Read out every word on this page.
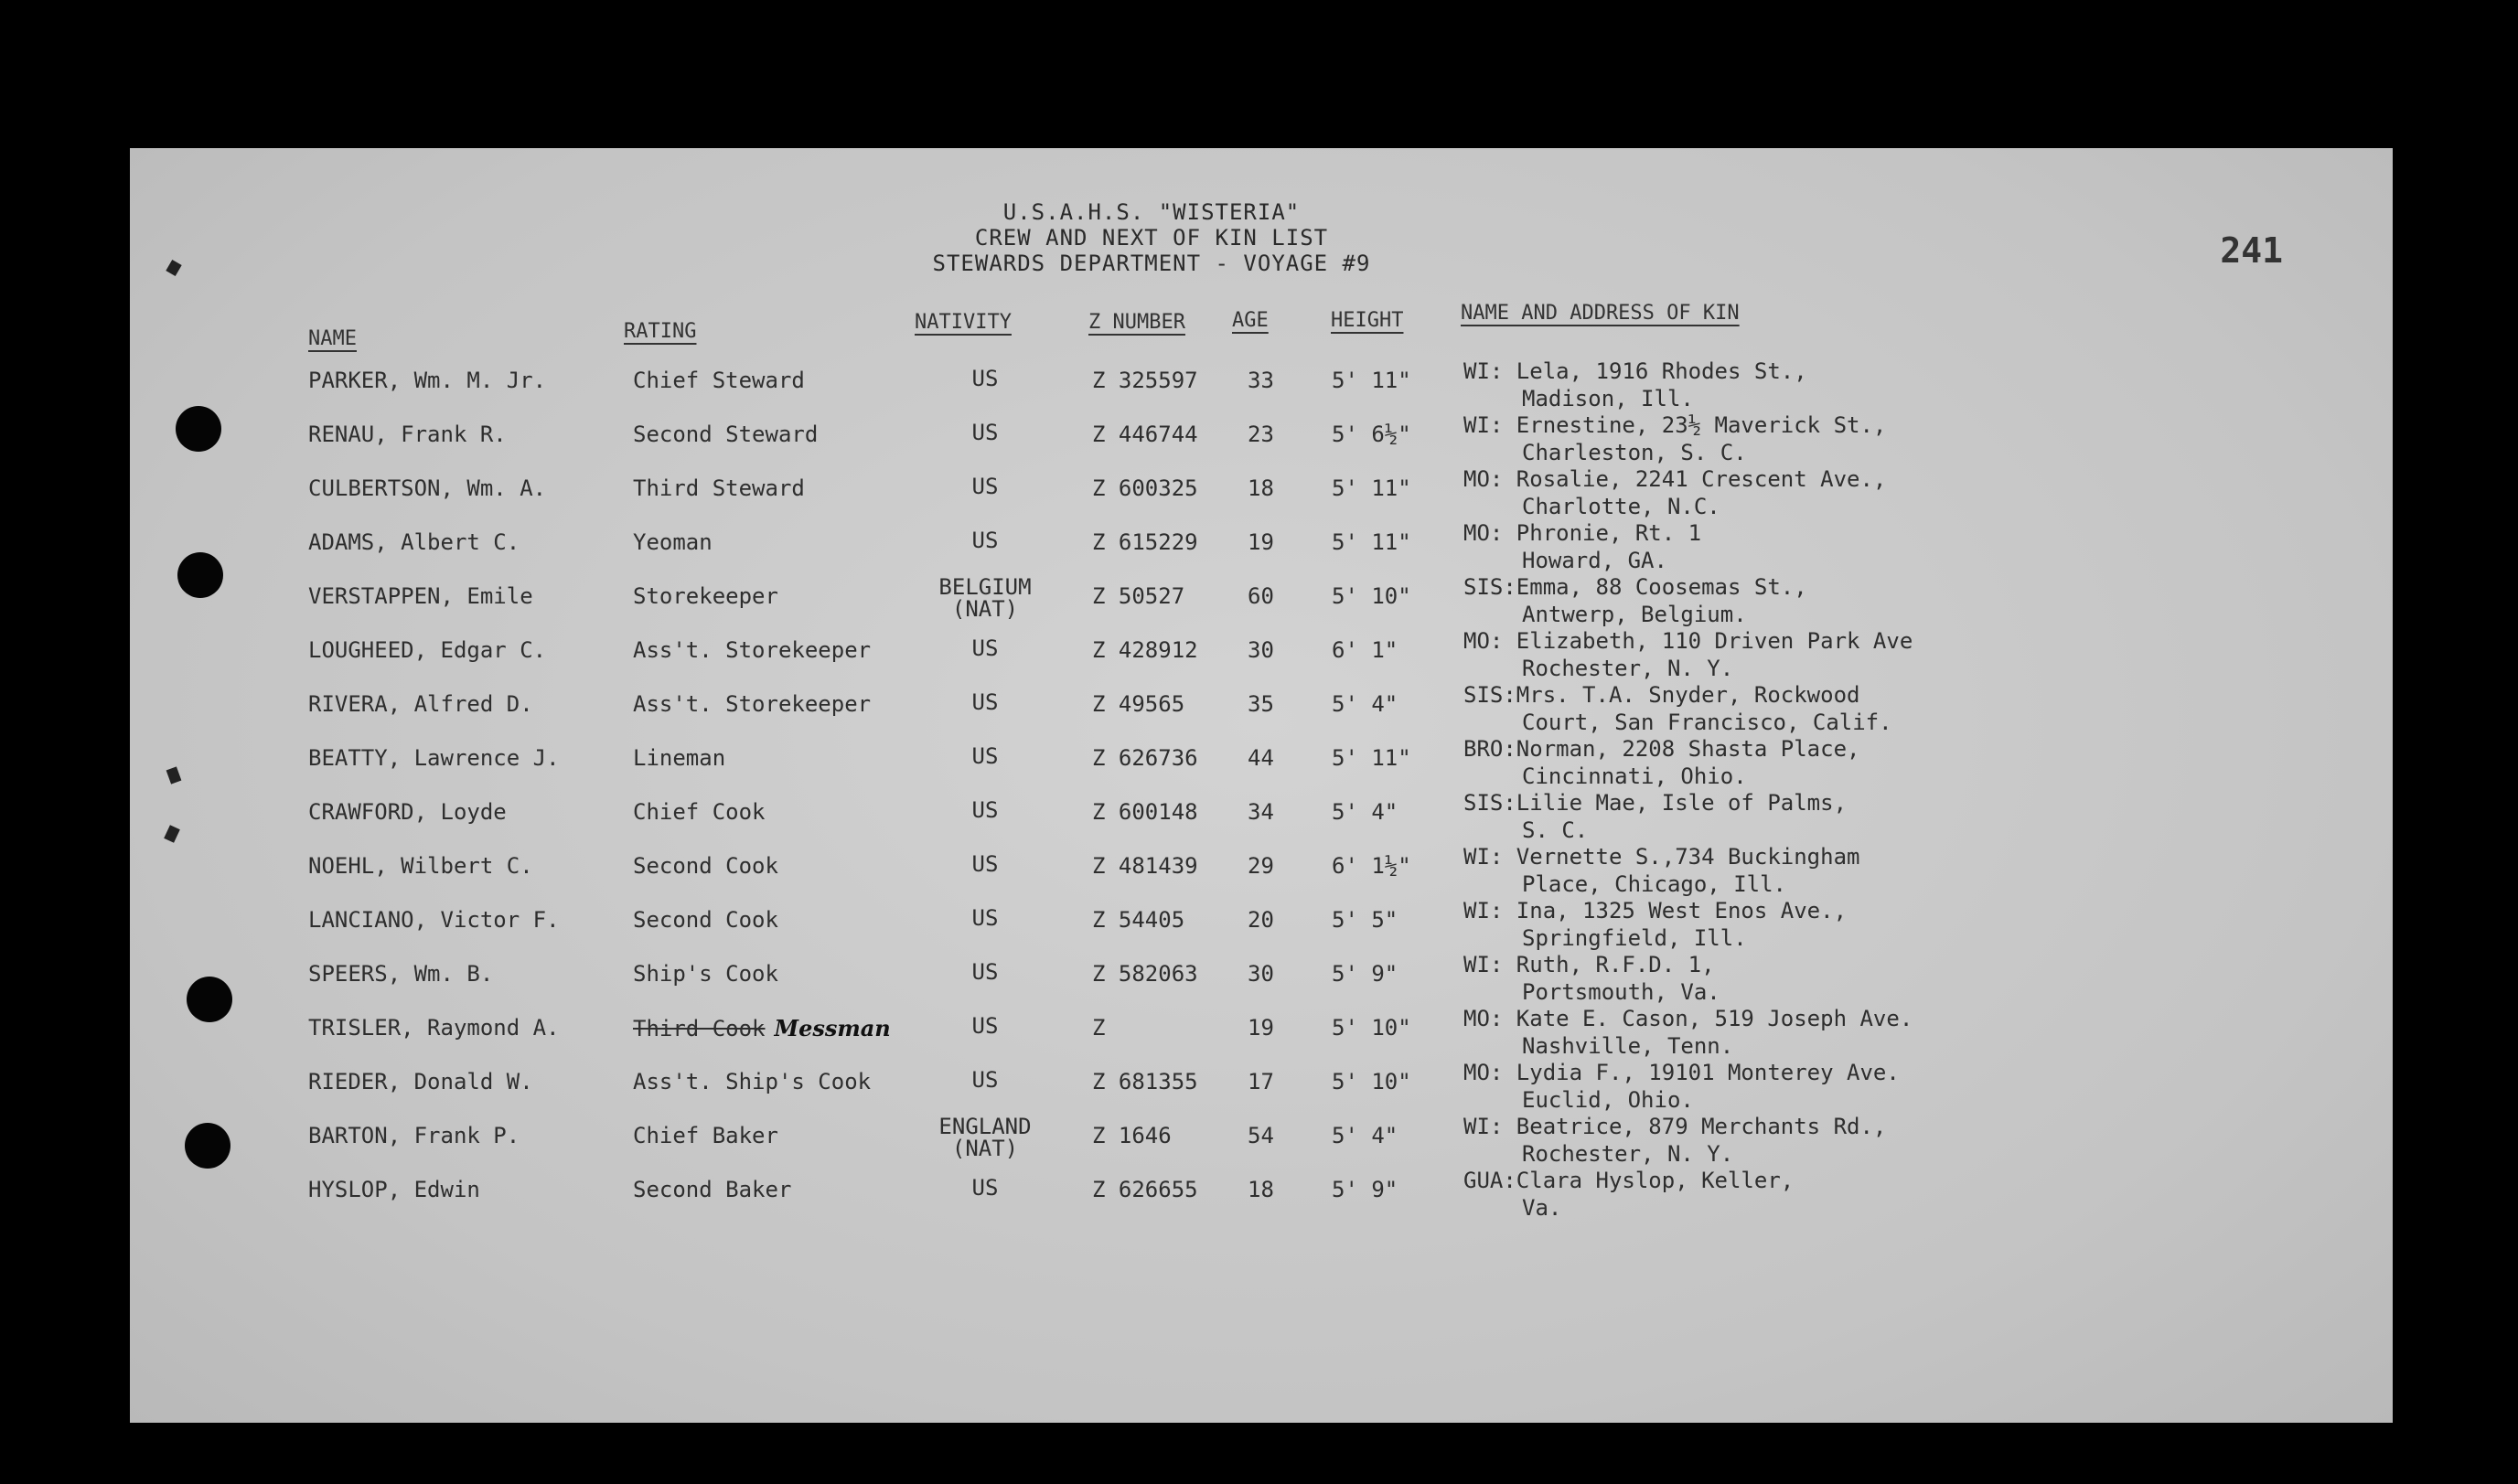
241
U.S.A.H.S. "WISTERIA"
CREW AND NEXT OF KIN LIST
STEWARDS DEPARTMENT - VOYAGE #9
NAME	RATING	NATIVITY	Z NUMBER AGE	HEIGHT	NAME AND ADDRESS OF KIN
PARKER, Wm. M. Jr.	Chief Steward	US	Z 325597 33	5' 11" WI: Lela, 1916 Rhodes St.,
Madison, Ill.
RENAU, Frank R.	Second Steward	US	Z 446744 23	5' 6½" WI: Ernestine, 23½ Maverick St.,
Charleston, S. C.
CULBERTSON, Wm. A.	Third Steward	US	Z 600325 18	5' 11" MO: Rosalie, 2241 Crescent Ave.,
Charlotte, N.C.
ADAMS, Albert C.	Yeoman	US	Z 615229 19	5' 11" MO: Phronie, Rt. 1
Howard, GA.
VERSTAPPEN, Emile	Storekeeper	BELGIUM
(NAT)	Z 50527	60	5' 10" SIS:Emma, 88 Coosemas St.,
Antwerp, Belgium.
LOUGHEED, Edgar C.	Ass't. Storekeeper	US	Z 428912 30	6' 1"	MO: Elizabeth, 110 Driven Park Ave
Rochester, N. Y.
RIVERA, Alfred D.	Ass't. Storekeeper	US	Z 49565	35	5' 4"	SIS:Mrs. T.A. Snyder, Rockwood
Court, San Francisco, Calif.
BEATTY, Lawrence J.	Lineman	US	Z 626736 44	5' 11" BRO:Norman, 2208 Shasta Place,
Cincinnati, Ohio.
CRAWFORD, Loyde	Chief Cook	US	Z 600148 34	5' 4"	SIS:Lilie Mae, Isle of Palms,
S. C.
NOEHL, Wilbert C.	Second Cook	US	Z 481439 29	6' 1½" WI: Vernette S.,734 Buckingham
Place, Chicago, Ill.
LANCIANO, Victor F.	Second Cook	US	Z 54405	20	5' 5"	WI: Ina, 1325 West Enos Ave.,
Springfield, Ill.
SPEERS, Wm. B.	Ship's Cook	US	Z 582063 30	5' 9"	WI: Ruth, R.F.D. 1,
Portsmouth, Va.
TRISLER, Raymond A.	Third Cook Messman	US	Z	19	5' 10" MO: Kate E. Cason, 519 Joseph Ave.
Nashville, Tenn.
RIEDER, Donald W.	Ass't. Ship's Cook	US	Z 681355 17	5' 10" MO: Lydia F., 19101 Monterey Ave.
Euclid, Ohio.
BARTON, Frank P.	Chief Baker	ENGLAND
(NAT)	Z 1646	54	5' 4"	WI: Beatrice, 879 Merchants Rd.,
Rochester, N. Y.
HYSLOP, Edwin	Second Baker	US	Z 626655 18	5' 9"	GUA:Clara Hyslop, Keller,
Va.
